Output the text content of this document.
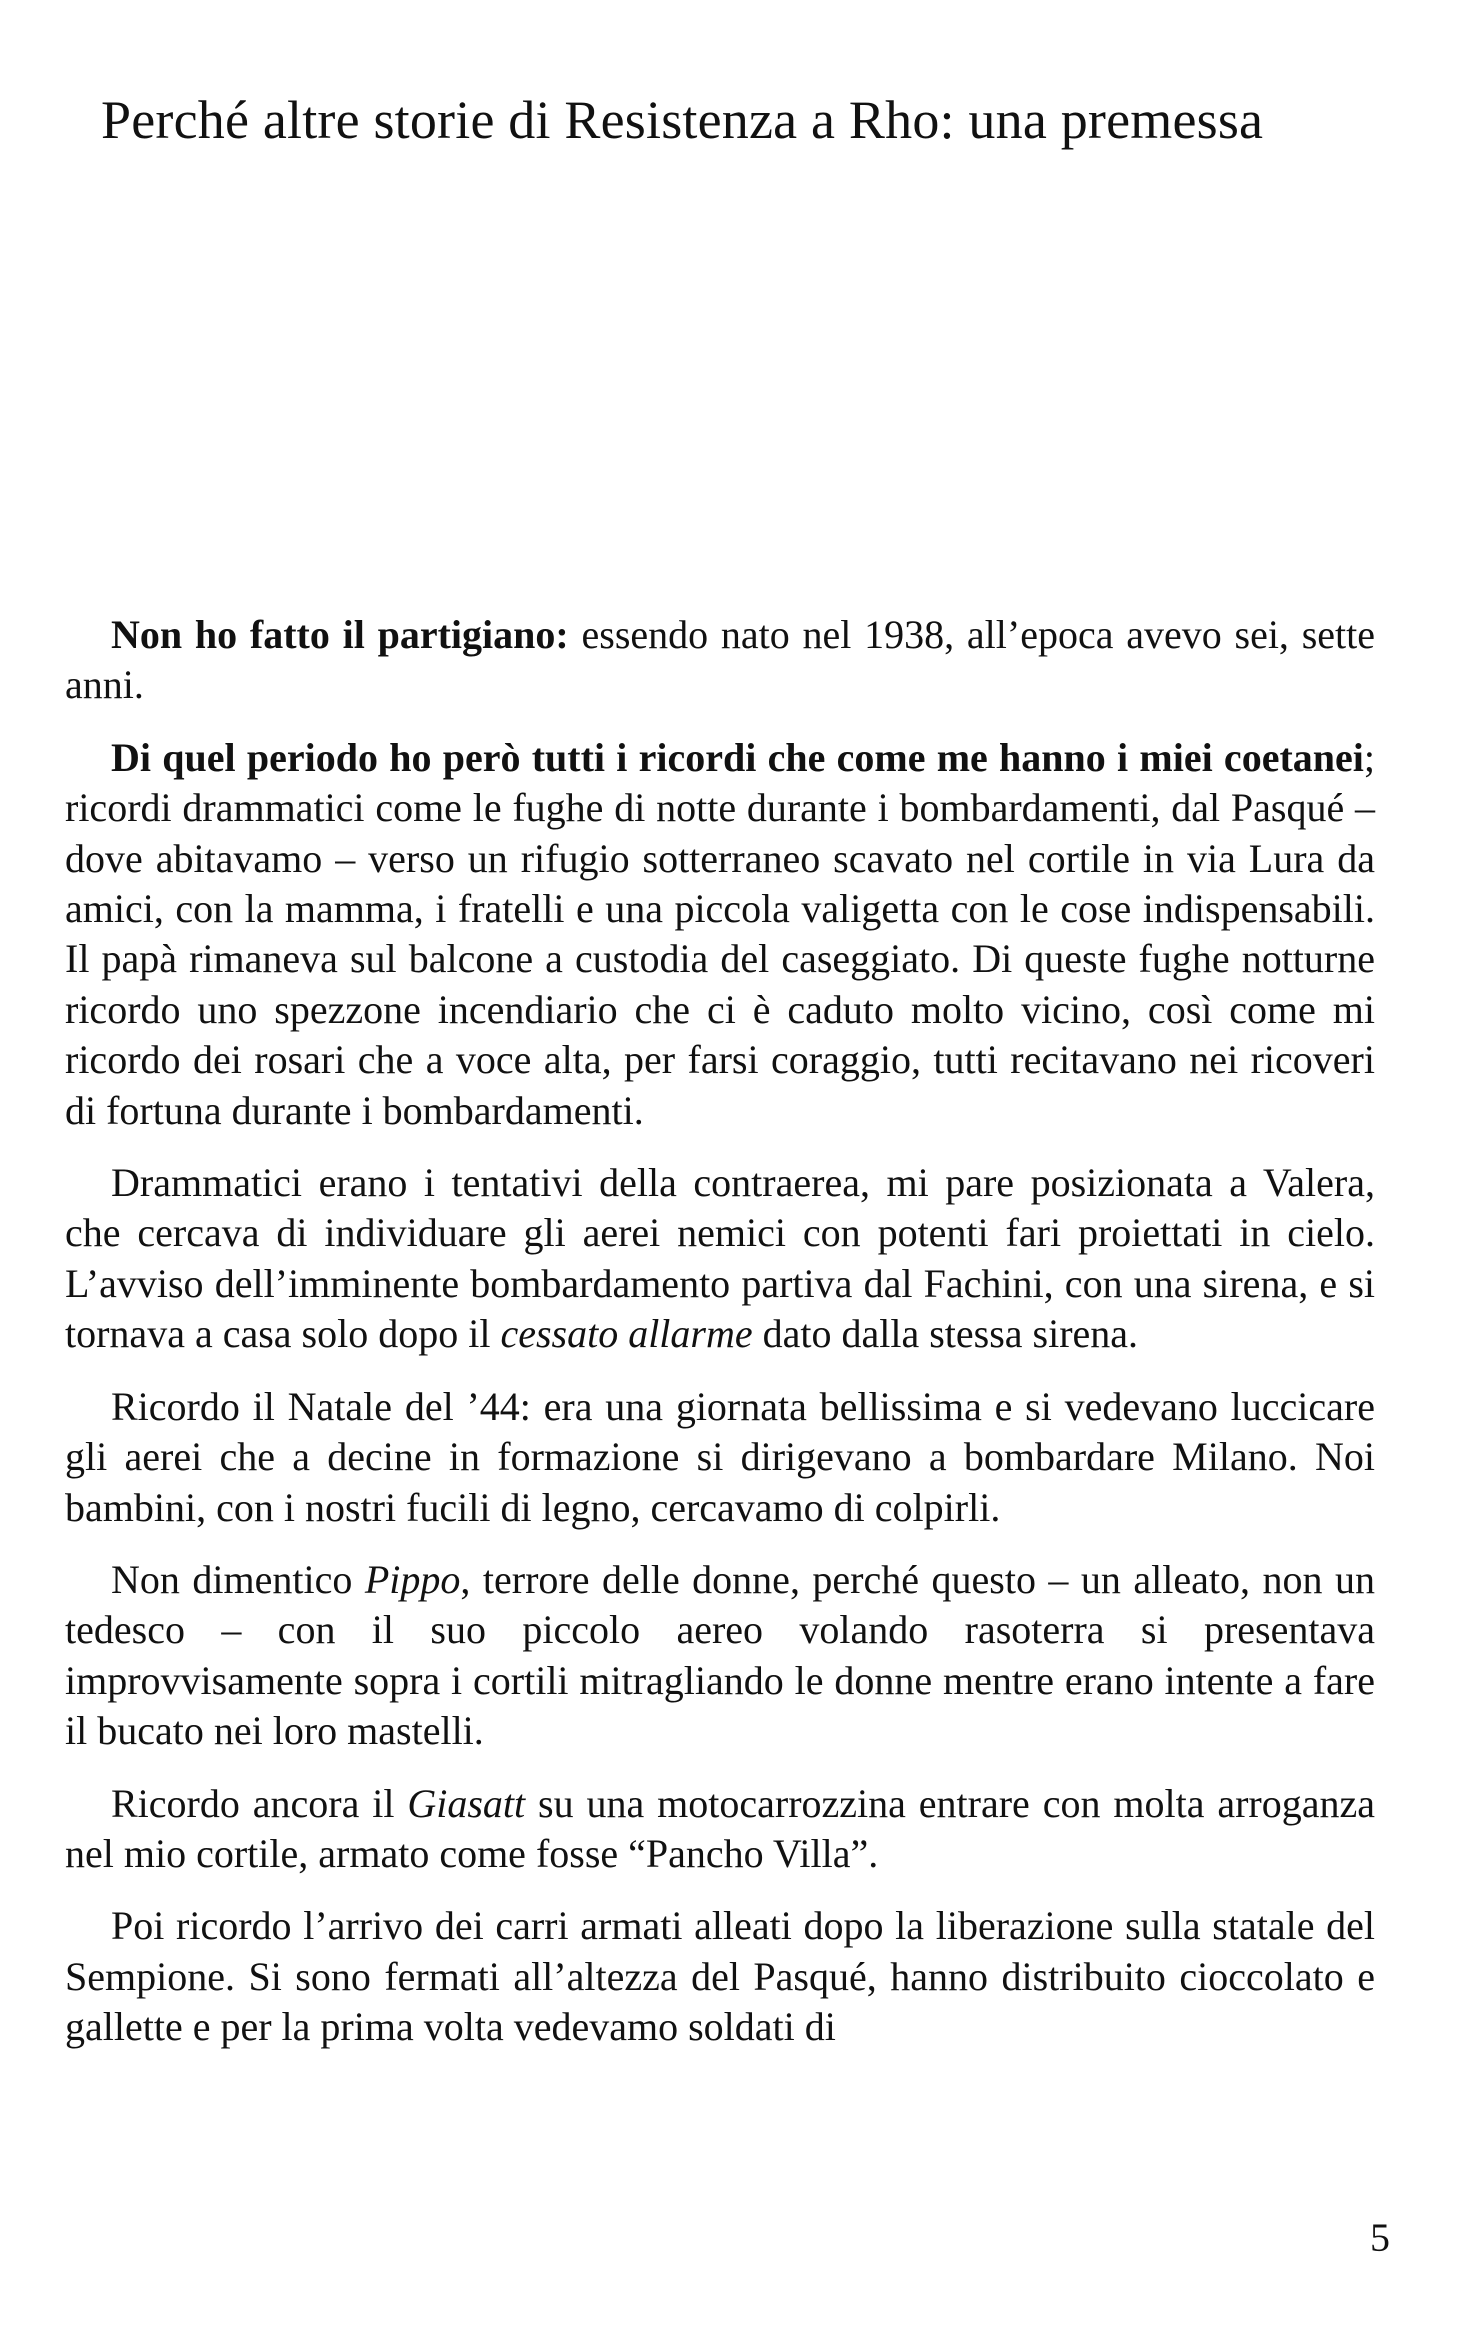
Perché altre storie di Resistenza a Rho: una premessa

Non ho fatto il partigiano: essendo nato nel 1938, all’epoca avevo sei, sette anni.

Di quel periodo ho però tutti i ricordi che come me hanno i miei coetanei; ricordi drammatici come le fughe di notte durante i bombardamenti, dal Pasqué – dove abitavamo – verso un rifugio sotterraneo scavato nel cortile in via Lura da amici, con la mamma, i fratelli e una piccola valigetta con le cose indispensabili. Il papà rimaneva sul balcone a custodia del caseggiato. Di queste fughe notturne ricordo uno spezzone incendiario che ci è caduto molto vicino, così come mi ricordo dei rosari che a voce alta, per farsi coraggio, tutti recitavano nei ricoveri di fortuna durante i bombardamenti.

Drammatici erano i tentativi della contraerea, mi pare posizionata a Valera, che cercava di individuare gli aerei nemici con potenti fari proiettati in cielo. L’avviso dell’imminente bombardamento partiva dal Fachini, con una sirena, e si tornava a casa solo dopo il cessato allarme dato dalla stessa sirena.

Ricordo il Natale del ’44: era una giornata bellissima e si vedevano luccicare gli aerei che a decine in formazione si dirigevano a bombardare Milano. Noi bambini, con i nostri fucili di legno, cercavamo di colpirli.

Non dimentico Pippo, terrore delle donne, perché questo – un alleato, non un tedesco – con il suo piccolo aereo volando rasoterra si presentava improvvisamente sopra i cortili mitragliando le donne mentre erano intente a fare il bucato nei loro mastelli.

Ricordo ancora il Giasatt su una motocarrozzina entrare con molta arroganza nel mio cortile, armato come fosse “Pancho Villa”.

Poi ricordo l’arrivo dei carri armati alleati dopo la liberazione sulla statale del Sempione. Si sono fermati all’altezza del Pasqué, hanno distribuito cioccolato e gallette e per la prima volta vedevamo soldati di

5
